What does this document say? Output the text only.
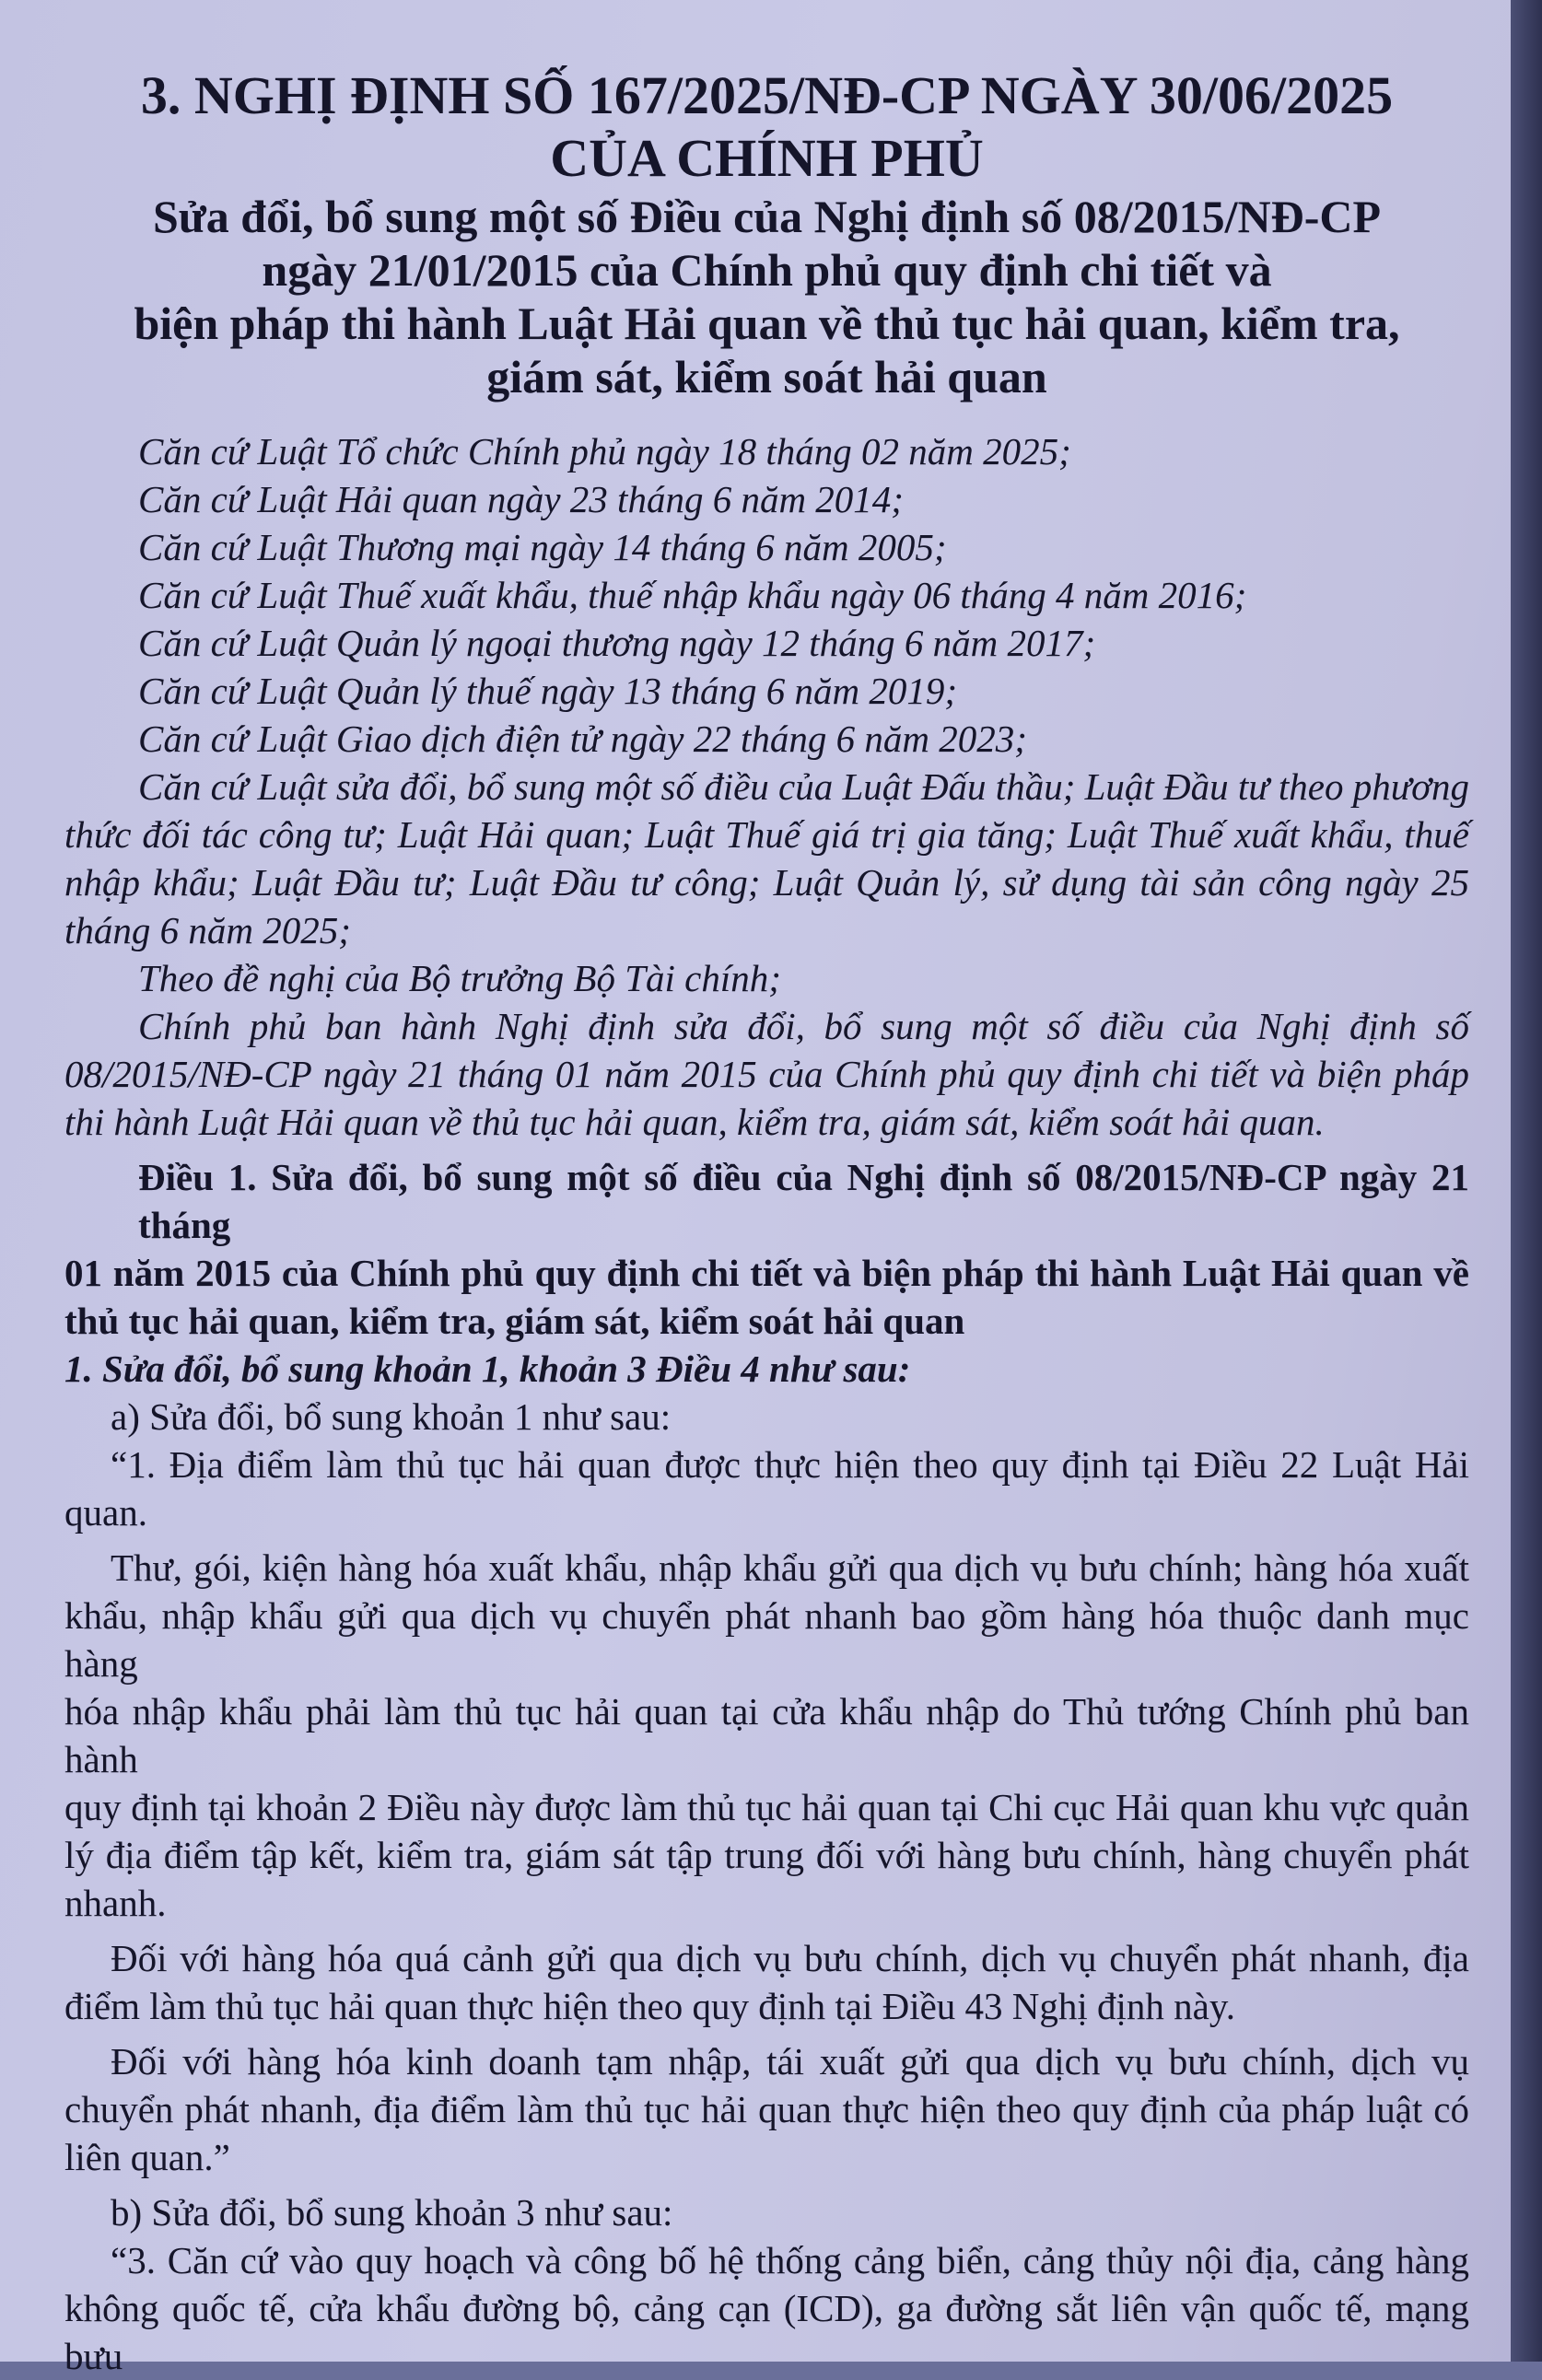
3. NGHỊ ĐỊNH SỐ 167/2025/NĐ-CP NGÀY 30/06/2025

CỦA CHÍNH PHỦ

Sửa đổi, bổ sung một số Điều của Nghị định số 08/2015/NĐ-CP

ngày 21/01/2015 của Chính phủ quy định chi tiết và

biện pháp thi hành Luật Hải quan về thủ tục hải quan, kiểm tra,

giám sát, kiểm soát hải quan

Căn cứ Luật Tổ chức Chính phủ ngày 18 tháng 02 năm 2025;

Căn cứ Luật Hải quan ngày 23 tháng 6 năm 2014;

Căn cứ Luật Thương mại ngày 14 tháng 6 năm 2005;

Căn cứ Luật Thuế xuất khẩu, thuế nhập khẩu ngày 06 tháng 4 năm 2016;

Căn cứ Luật Quản lý ngoại thương ngày 12 tháng 6 năm 2017;

Căn cứ Luật Quản lý thuế ngày 13 tháng 6 năm 2019;

Căn cứ Luật Giao dịch điện tử ngày 22 tháng 6 năm 2023;

Căn cứ Luật sửa đổi, bổ sung một số điều của Luật Đấu thầu; Luật Đầu tư theo phương

thức đối tác công tư; Luật Hải quan; Luật Thuế giá trị gia tăng; Luật Thuế xuất khẩu, thuế

nhập khẩu; Luật Đầu tư; Luật Đầu tư công; Luật Quản lý, sử dụng tài sản công ngày 25

tháng 6 năm 2025;

Theo đề nghị của Bộ trưởng Bộ Tài chính;

Chính phủ ban hành Nghị định sửa đổi, bổ sung một số điều của Nghị định số

08/2015/NĐ-CP ngày 21 tháng 01 năm 2015 của Chính phủ quy định chi tiết và biện pháp

thi hành Luật Hải quan về thủ tục hải quan, kiểm tra, giám sát, kiểm soát hải quan.

Điều 1. Sửa đổi, bổ sung một số điều của Nghị định số 08/2015/NĐ-CP ngày 21 tháng

01 năm 2015 của Chính phủ quy định chi tiết và biện pháp thi hành Luật Hải quan về

thủ tục hải quan, kiểm tra, giám sát, kiểm soát hải quan

1. Sửa đổi, bổ sung khoản 1, khoản 3 Điều 4 như sau:

a) Sửa đổi, bổ sung khoản 1 như sau:

“1. Địa điểm làm thủ tục hải quan được thực hiện theo quy định tại Điều 22 Luật Hải

quan.

Thư, gói, kiện hàng hóa xuất khẩu, nhập khẩu gửi qua dịch vụ bưu chính; hàng hóa xuất

khẩu, nhập khẩu gửi qua dịch vụ chuyển phát nhanh bao gồm hàng hóa thuộc danh mục hàng

hóa nhập khẩu phải làm thủ tục hải quan tại cửa khẩu nhập do Thủ tướng Chính phủ ban hành

quy định tại khoản 2 Điều này được làm thủ tục hải quan tại Chi cục Hải quan khu vực quản

lý địa điểm tập kết, kiểm tra, giám sát tập trung đối với hàng bưu chính, hàng chuyển phát

nhanh.

Đối với hàng hóa quá cảnh gửi qua dịch vụ bưu chính, dịch vụ chuyển phát nhanh, địa

điểm làm thủ tục hải quan thực hiện theo quy định tại Điều 43 Nghị định này.

Đối với hàng hóa kinh doanh tạm nhập, tái xuất gửi qua dịch vụ bưu chính, dịch vụ

chuyển phát nhanh, địa điểm làm thủ tục hải quan thực hiện theo quy định của pháp luật có

liên quan.”

b) Sửa đổi, bổ sung khoản 3 như sau:

“3. Căn cứ vào quy hoạch và công bố hệ thống cảng biển, cảng thủy nội địa, cảng hàng

không quốc tế, cửa khẩu đường bộ, cảng cạn (ICD), ga đường sắt liên vận quốc tế, mạng bưu
